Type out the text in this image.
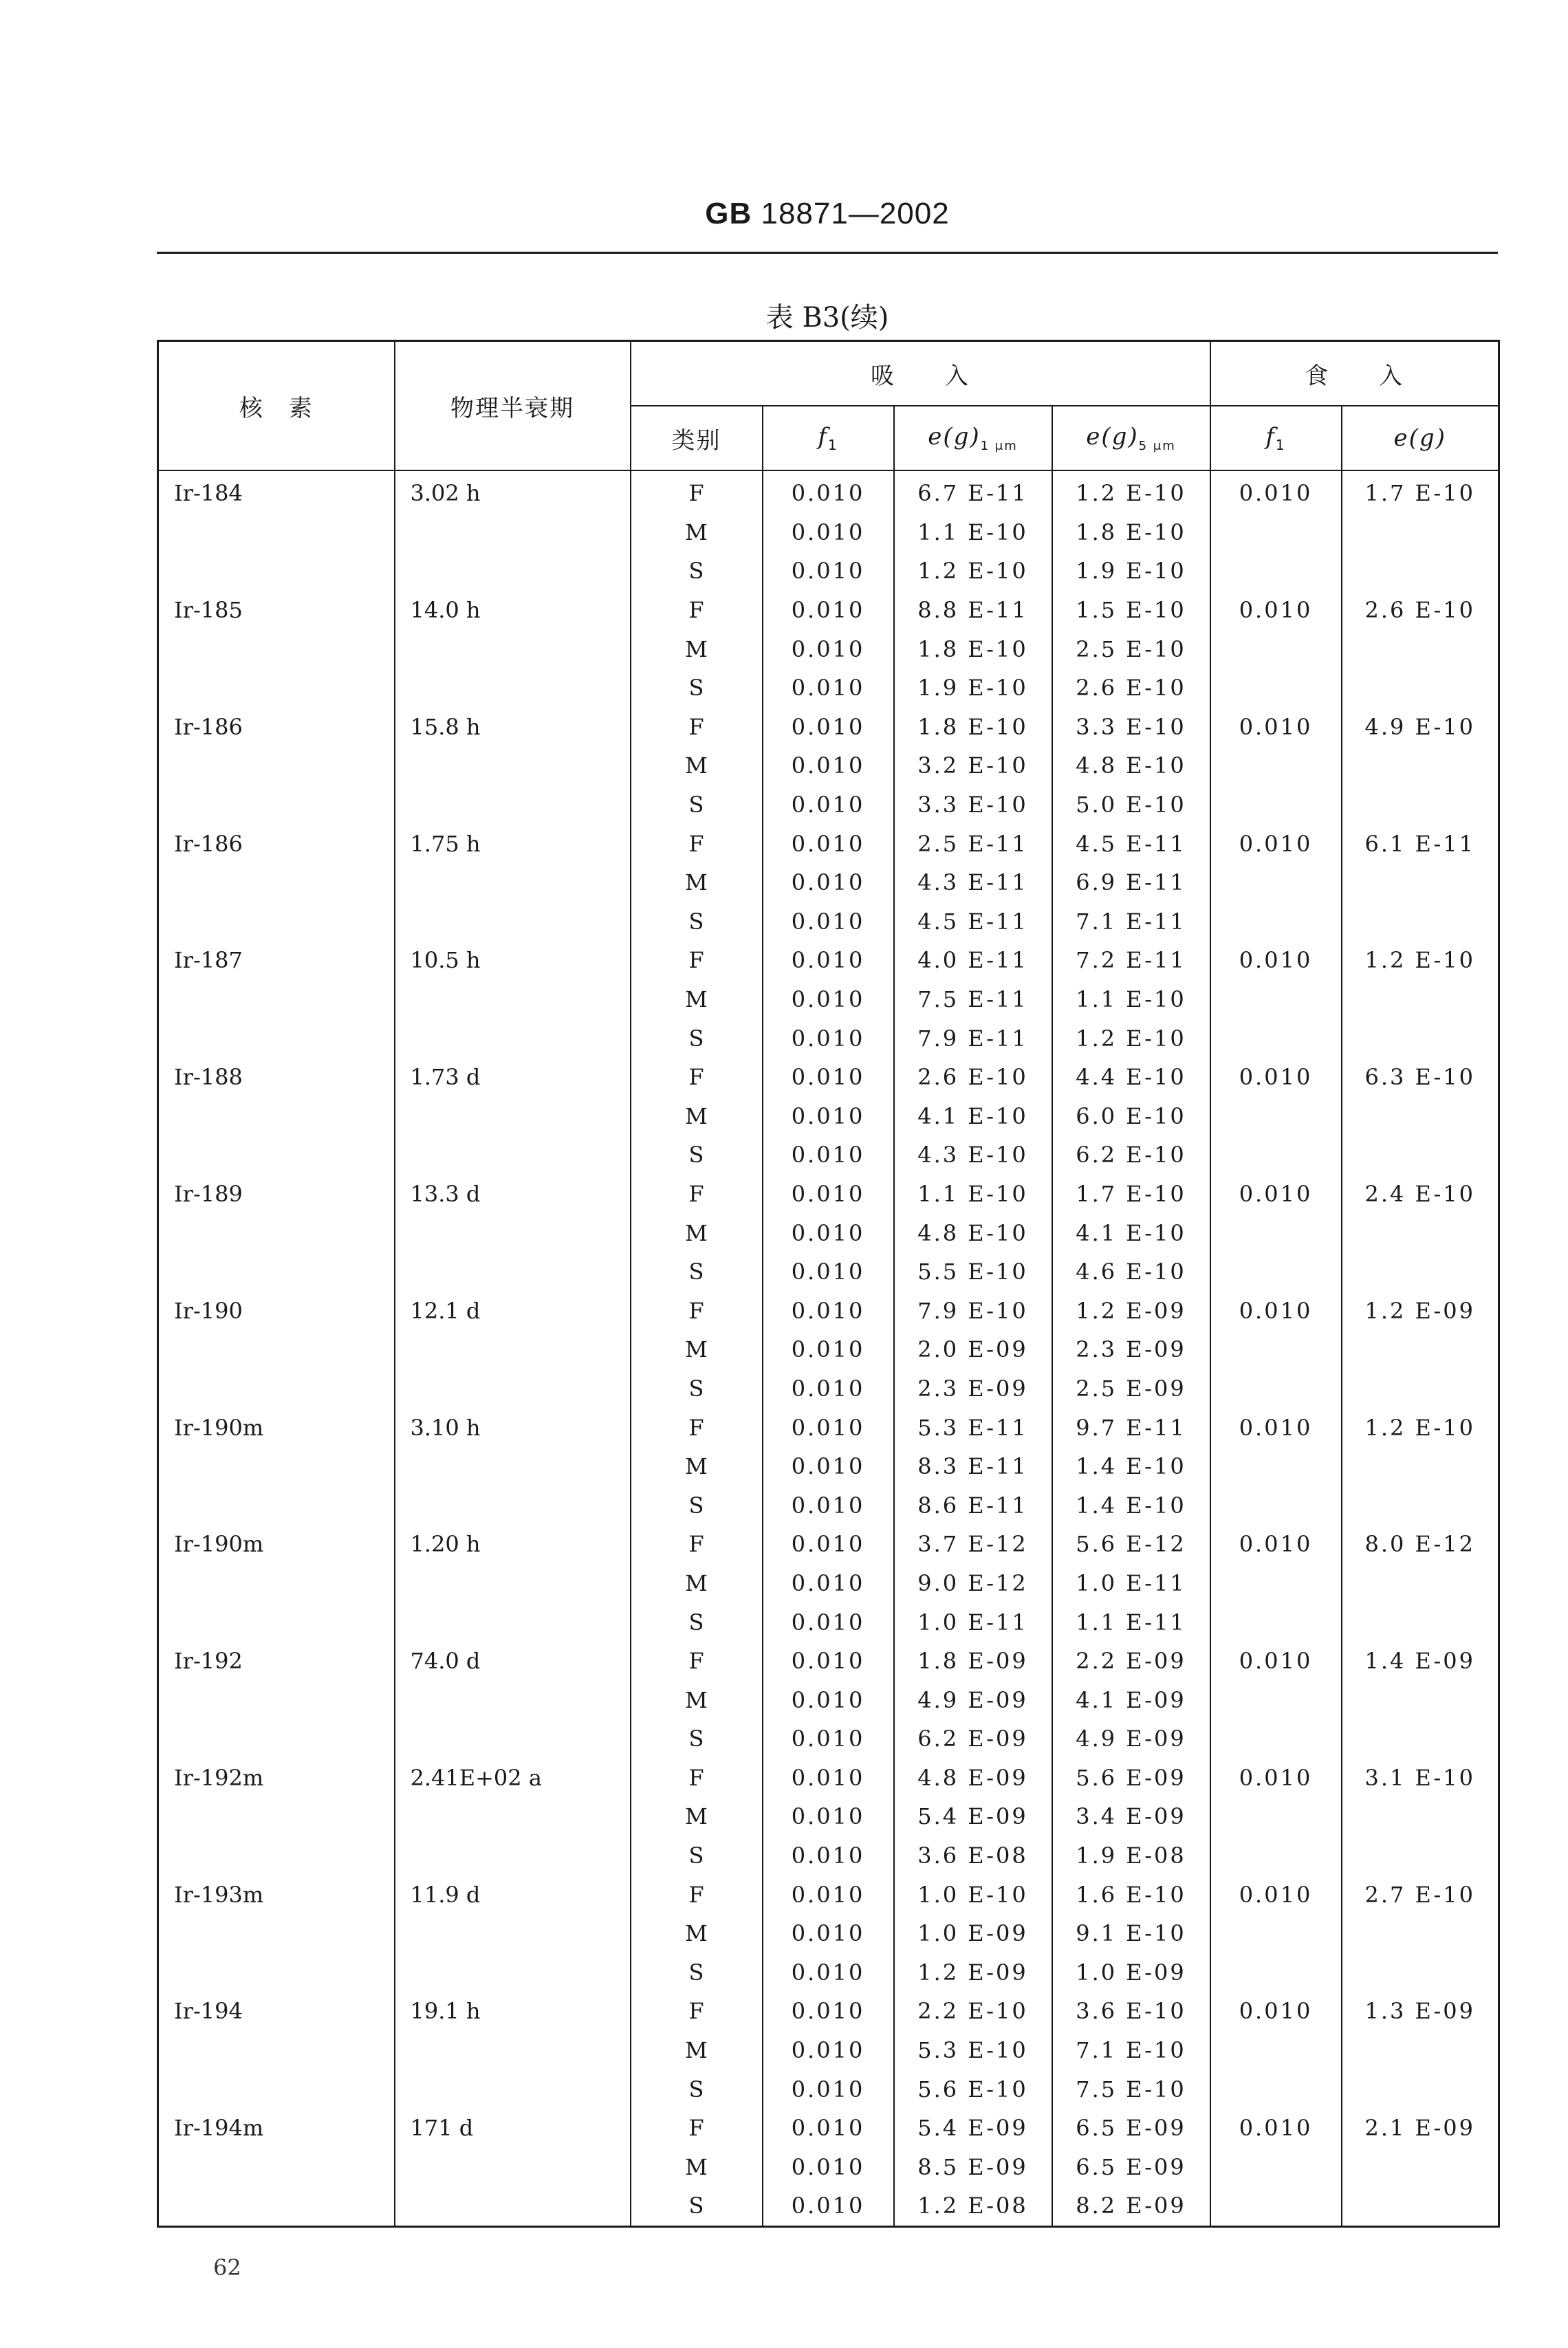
GB 18871—2002
表 B3(续)
核　素	物理半衰期	吸　　入				食　　入	
		类别	$f_1$	$e(g)_{1 \mu m}$	$e(g)_{5 \mu m}$	$f_1$	e(g)
Ir-184	3.02 h	F	0.010	6.7 E-11	1.2 E-10	0.010	1.7 E-10
		M	0.010	1.1 E-10	1.8 E-10		
		S	0.010	1.2 E-10	1.9 E-10		
Ir-185	14.0 h	F	0.010	8.8 E-11	1.5 E-10	0.010	2.6 E-10
		M	0.010	1.8 E-10	2.5 E-10		
		S	0.010	1.9 E-10	2.6 E-10		
Ir-186	15.8 h	F	0.010	1.8 E-10	3.3 E-10	0.010	4.9 E-10
		M	0.010	3.2 E-10	4.8 E-10		
		S	0.010	3.3 E-10	5.0 E-10		
Ir-186	1.75 h	F	0.010	2.5 E-11	4.5 E-11	0.010	6.1 E-11
		M	0.010	4.3 E-11	6.9 E-11		
		S	0.010	4.5 E-11	7.1 E-11		
Ir-187	10.5 h	F	0.010	4.0 E-11	7.2 E-11	0.010	1.2 E-10
		M	0.010	7.5 E-11	1.1 E-10		
		S	0.010	7.9 E-11	1.2 E-10		
Ir-188	1.73 d	F	0.010	2.6 E-10	4.4 E-10	0.010	6.3 E-10
		M	0.010	4.1 E-10	6.0 E-10		
		S	0.010	4.3 E-10	6.2 E-10		
Ir-189	13.3 d	F	0.010	1.1 E-10	1.7 E-10	0.010	2.4 E-10
		M	0.010	4.8 E-10	4.1 E-10		
		S	0.010	5.5 E-10	4.6 E-10		
Ir-190	12.1 d	F	0.010	7.9 E-10	1.2 E-09	0.010	1.2 E-09
		M	0.010	2.0 E-09	2.3 E-09		
		S	0.010	2.3 E-09	2.5 E-09		
Ir-190m	3.10 h	F	0.010	5.3 E-11	9.7 E-11	0.010	1.2 E-10
		M	0.010	8.3 E-11	1.4 E-10		
		S	0.010	8.6 E-11	1.4 E-10		
Ir-190m	1.20 h	F	0.010	3.7 E-12	5.6 E-12	0.010	8.0 E-12
		M	0.010	9.0 E-12	1.0 E-11		
		S	0.010	1.0 E-11	1.1 E-11		
Ir-192	74.0 d	F	0.010	1.8 E-09	2.2 E-09	0.010	1.4 E-09
		M	0.010	4.9 E-09	4.1 E-09		
		S	0.010	6.2 E-09	4.9 E-09		
Ir-192m	2.41E+02 a	F	0.010	4.8 E-09	5.6 E-09	0.010	3.1 E-10
		M	0.010	5.4 E-09	3.4 E-09		
		S	0.010	3.6 E-08	1.9 E-08		
Ir-193m	11.9 d	F	0.010	1.0 E-10	1.6 E-10	0.010	2.7 E-10
		M	0.010	1.0 E-09	9.1 E-10		
		S	0.010	1.2 E-09	1.0 E-09		
Ir-194	19.1 h	F	0.010	2.2 E-10	3.6 E-10	0.010	1.3 E-09
		M	0.010	5.3 E-10	7.1 E-10		
		S	0.010	5.6 E-10	7.5 E-10		
Ir-194m	171 d	F	0.010	5.4 E-09	6.5 E-09	0.010	2.1 E-09
		M	0.010	8.5 E-09	6.5 E-09		
		S	0.010	1.2 E-08	8.2 E-09		
62
